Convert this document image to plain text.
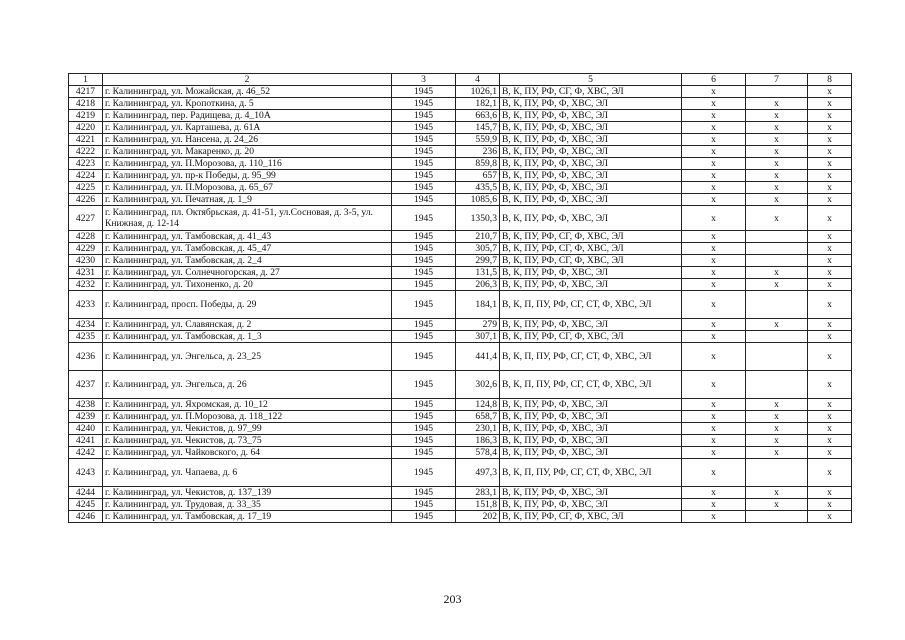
1	2	3	4	5	6	7	8
4217	г. Калининград, ул. Можайская, д. 46_52	1945	1026,1	В, К, ПУ, РФ, СГ, Ф, ХВС, ЭЛ	x		x
4218	г. Калининград, ул. Кропоткина, д. 5	1945	182,1	В, К, ПУ, РФ, Ф, ХВС, ЭЛ	x	x	x
4219	г. Калининград, пер. Радищева, д. 4_10А	1945	663,6	В, К, ПУ, РФ, Ф, ХВС, ЭЛ	x	x	x
4220	г. Калининград, ул. Карташева, д. 61А	1945	145,7	В, К, ПУ, РФ, Ф, ХВС, ЭЛ	x	x	x
4221	г. Калининград, ул. Нансена, д. 24_26	1945	559,9	В, К, ПУ, РФ, Ф, ХВС, ЭЛ	x	x	x
4222	г. Калининград, ул. Макаренко, д. 20	1945	236	В, К, ПУ, РФ, Ф, ХВС, ЭЛ	x	x	x
4223	г. Калининград, ул. П.Морозова, д. 110_116	1945	859,8	В, К, ПУ, РФ, Ф, ХВС, ЭЛ	x	x	x
4224	г. Калининград, ул. пр-к Победы, д. 95_99	1945	657	В, К, ПУ, РФ, Ф, ХВС, ЭЛ	x	x	x
4225	г. Калининград, ул. П.Морозова, д. 65_67	1945	435,5	В, К, ПУ, РФ, Ф, ХВС, ЭЛ	x	x	x
4226	г. Калининград, ул. Печатная, д. 1_9	1945	1085,6	В, К, ПУ, РФ, Ф, ХВС, ЭЛ	x	x	x
4227	г. Калининград, пл. Октябрьская, д. 41-51, ул.Сосновая, д. 3-5, ул. Книжная, д. 12-14	1945	1350,3	В, К, ПУ, РФ, Ф, ХВС, ЭЛ	x	x	x
4228	г. Калининград, ул. Тамбовская, д. 41_43	1945	210,7	В, К, ПУ, РФ, СГ, Ф, ХВС, ЭЛ	x		x
4229	г. Калининград, ул. Тамбовская, д. 45_47	1945	305,7	В, К, ПУ, РФ, СГ, Ф, ХВС, ЭЛ	x		x
4230	г. Калининград, ул. Тамбовская, д. 2_4	1945	299,7	В, К, ПУ, РФ, СГ, Ф, ХВС, ЭЛ	x		x
4231	г. Калининград, ул. Солнечногорская, д. 27	1945	131,5	В, К, ПУ, РФ, Ф, ХВС, ЭЛ	x	x	x
4232	г. Калининград, ул. Тихоненко, д. 20	1945	206,3	В, К, ПУ, РФ, Ф, ХВС, ЭЛ	x	x	x
4233	г. Калининград, просп. Победы, д. 29	1945	184,1	В, К, П, ПУ, РФ, СГ, СТ, Ф, ХВС, ЭЛ	x		x
4234	г. Калининград, ул. Славянская, д. 2	1945	279	В, К, ПУ, РФ, Ф, ХВС, ЭЛ	x	x	x
4235	г. Калининград, ул. Тамбовская, д. 1_3	1945	307,1	В, К, ПУ, РФ, СГ, Ф, ХВС, ЭЛ	x		x
4236	г. Калининград, ул. Энгельса, д. 23_25	1945	441,4	В, К, П, ПУ, РФ, СГ, СТ, Ф, ХВС, ЭЛ	x		x
4237	г. Калининград, ул. Энгельса, д. 26	1945	302,6	В, К, П, ПУ, РФ, СГ, СТ, Ф, ХВС, ЭЛ	x		x
4238	г. Калининград, ул. Яхромская, д. 10_12	1945	124,8	В, К, ПУ, РФ, Ф, ХВС, ЭЛ	x	x	x
4239	г. Калининград, ул. П.Морозова, д. 118_122	1945	658,7	В, К, ПУ, РФ, Ф, ХВС, ЭЛ	x	x	x
4240	г. Калининград, ул. Чекистов, д. 97_99	1945	230,1	В, К, ПУ, РФ, Ф, ХВС, ЭЛ	x	x	x
4241	г. Калининград, ул. Чекистов, д. 73_75	1945	186,3	В, К, ПУ, РФ, Ф, ХВС, ЭЛ	x	x	x
4242	г. Калининград, ул. Чайковского, д. 64	1945	578,4	В, К, ПУ, РФ, Ф, ХВС, ЭЛ	x	x	x
4243	г. Калининград, ул. Чапаева, д. 6	1945	497,3	В, К, П, ПУ, РФ, СГ, СТ, Ф, ХВС, ЭЛ	x		x
4244	г. Калининград, ул. Чекистов, д. 137_139	1945	283,1	В, К, ПУ, РФ, Ф, ХВС, ЭЛ	x	x	x
4245	г. Калининград, ул. Трудовая, д. 33_35	1945	151,8	В, К, ПУ, РФ, Ф, ХВС, ЭЛ	x	x	x
4246	г. Калининград, ул. Тамбовская, д. 17_19	1945	202	В, К, ПУ, РФ, СГ, Ф, ХВС, ЭЛ	x		x
203
